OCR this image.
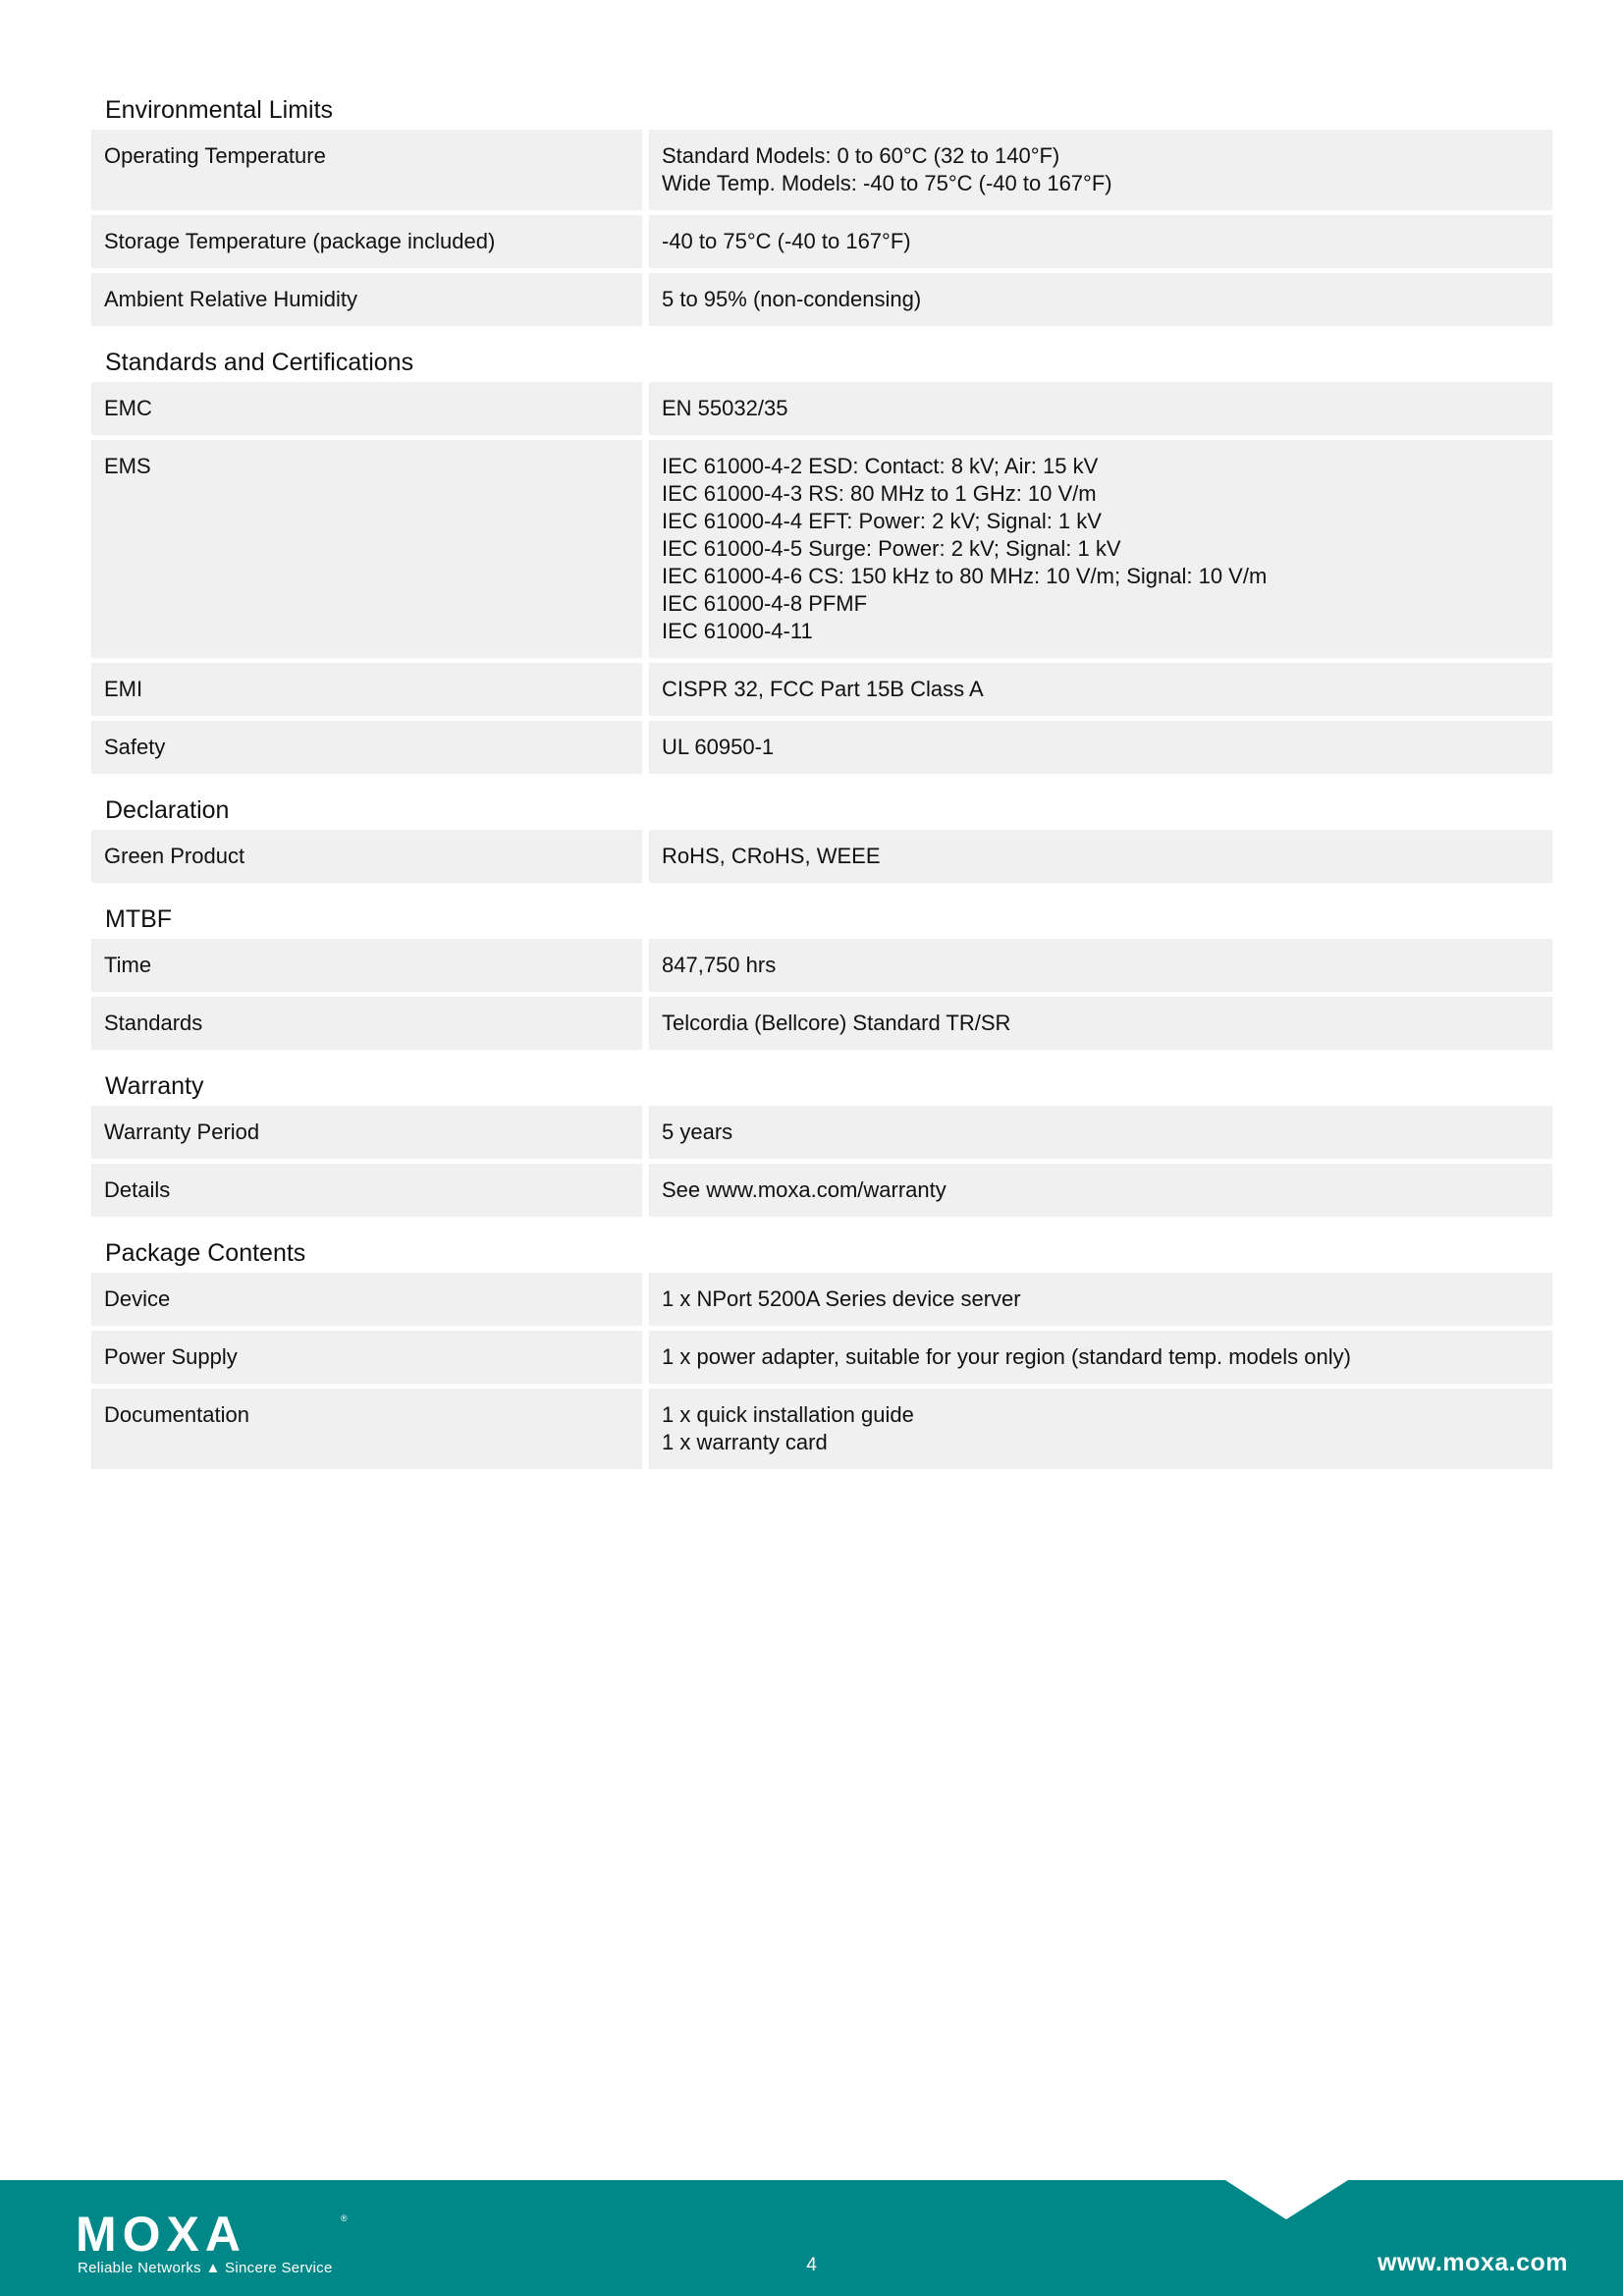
Environmental Limits
Operating Temperature	Standard Models: 0 to 60°C (32 to 140°F)
Wide Temp. Models: -40 to 75°C (-40 to 167°F)
Storage Temperature (package included)	-40 to 75°C (-40 to 167°F)
Ambient Relative Humidity	5 to 95% (non-condensing)
Standards and Certifications
EMC	EN 55032/35
EMS	IEC 61000-4-2 ESD: Contact: 8 kV; Air: 15 kV
IEC 61000-4-3 RS: 80 MHz to 1 GHz: 10 V/m
IEC 61000-4-4 EFT: Power: 2 kV; Signal: 1 kV
IEC 61000-4-5 Surge: Power: 2 kV; Signal: 1 kV
IEC 61000-4-6 CS: 150 kHz to 80 MHz: 10 V/m; Signal: 10 V/m
IEC 61000-4-8 PFMF
IEC 61000-4-11
EMI	CISPR 32, FCC Part 15B Class A
Safety	UL 60950-1
Declaration
Green Product	RoHS, CRoHS, WEEE
MTBF
Time	847,750 hrs
Standards	Telcordia (Bellcore) Standard TR/SR
Warranty
Warranty Period	5 years
Details	See www.moxa.com/warranty
Package Contents
Device	1 x NPort 5200A Series device server
Power Supply	1 x power adapter, suitable for your region (standard temp. models only)
Documentation	1 x quick installation guide
1 x warranty card
MOXA	®
Reliable Networks ▲ Sincere Service	4	www.moxa.com
